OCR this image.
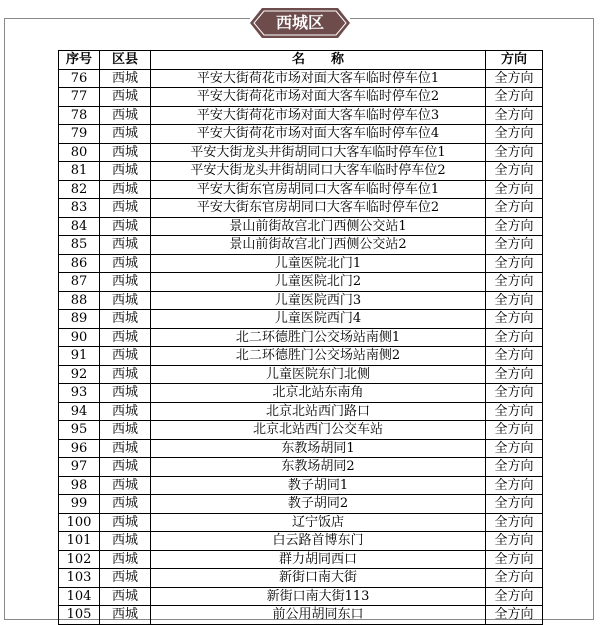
西城区
序号	区县	名　　称	方向
76	西城	平安大街荷花市场对面大客车临时停车位1	全方向
77	西城	平安大街荷花市场对面大客车临时停车位2	全方向
78	西城	平安大街荷花市场对面大客车临时停车位3	全方向
79	西城	平安大街荷花市场对面大客车临时停车位4	全方向
80	西城	平安大街龙头井街胡同口大客车临时停车位1	全方向
81	西城	平安大街龙头井街胡同口大客车临时停车位2	全方向
82	西城	平安大街东官房胡同口大客车临时停车位1	全方向
83	西城	平安大街东官房胡同口大客车临时停车位2	全方向
84	西城	景山前街故宫北门西侧公交站1	全方向
85	西城	景山前街故宫北门西侧公交站2	全方向
86	西城	儿童医院北门1	全方向
87	西城	儿童医院北门2	全方向
88	西城	儿童医院西门3	全方向
89	西城	儿童医院西门4	全方向
90	西城	北二环德胜门公交场站南侧1	全方向
91	西城	北二环德胜门公交场站南侧2	全方向
92	西城	儿童医院东门北侧	全方向
93	西城	北京北站东南角	全方向
94	西城	北京北站西门路口	全方向
95	西城	北京北站西门公交车站	全方向
96	西城	东教场胡同1	全方向
97	西城	东教场胡同2	全方向
98	西城	教子胡同1	全方向
99	西城	教子胡同2	全方向
100	西城	辽宁饭店	全方向
101	西城	白云路首博东门	全方向
102	西城	群力胡同西口	全方向
103	西城	新街口南大街	全方向
104	西城	新街口南大街113	全方向
105	西城	前公用胡同东口	全方向
